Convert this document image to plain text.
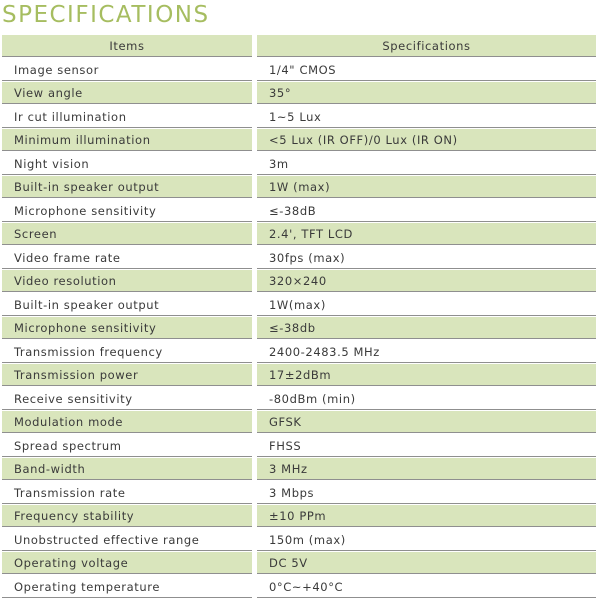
SPECIFICATIONS
Items	Specifications
Image sensor	1/4" CMOS
View angle	35°
Ir cut illumination	1~5 Lux
Minimum illumination	<5 Lux (IR OFF)/0 Lux (IR ON)
Night vision	3m
Built-in speaker output	1W (max)
Microphone sensitivity	≤-38dB
Screen	2.4', TFT LCD
Video frame rate	30fps (max)
Video resolution	320×240
Built-in speaker output	1W(max)
Microphone sensitivity	≤-38db
Transmission frequency	2400-2483.5 MHz
Transmission power	17±2dBm
Receive sensitivity	-80dBm (min)
Modulation mode	GFSK
Spread spectrum	FHSS
Band-width	3 MHz
Transmission rate	3 Mbps
Frequency stability	±10 PPm
Unobstructed effective range	150m (max)
Operating voltage	DC 5V
Operating temperature	0°C~+40°C
